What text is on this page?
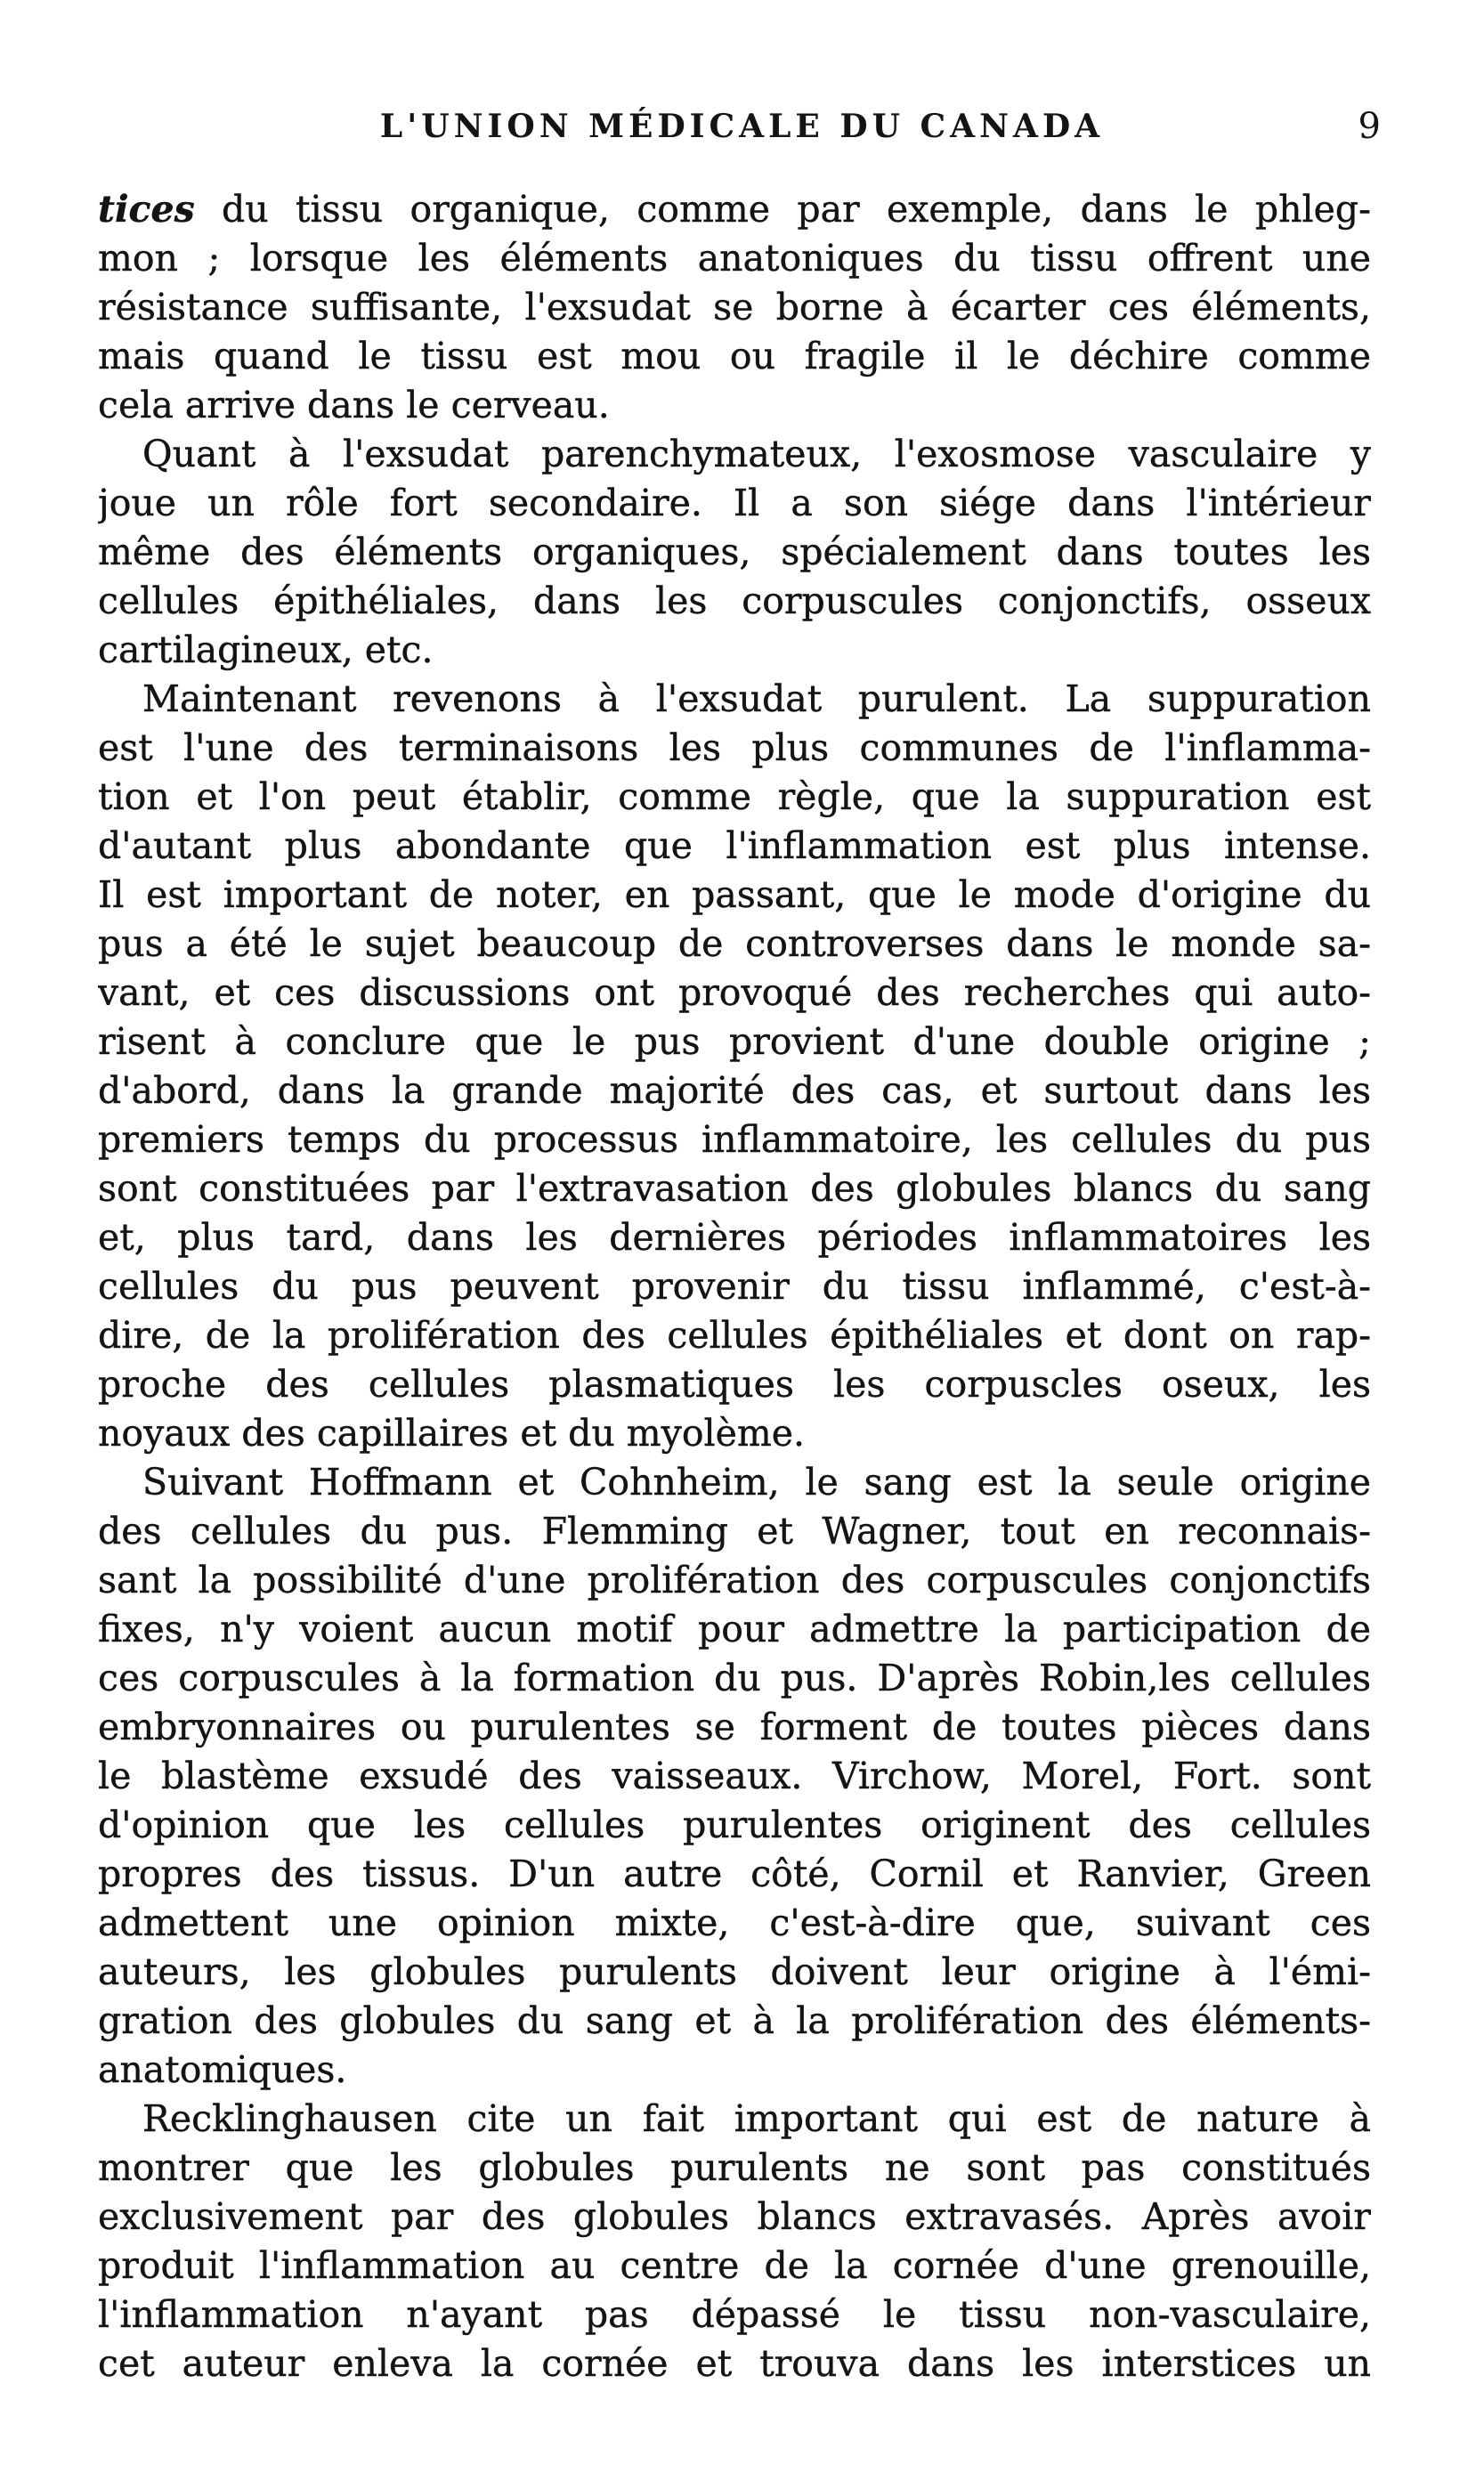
L'UNION MÉDICALE DU CANADA	9
tices du tissu organique, comme par exemple, dans le phleg-
mon ; lorsque les éléments anatoniques du tissu offrent une
résistance suffisante, l'exsudat se borne à écarter ces éléments,
mais quand le tissu est mou ou fragile il le déchire comme
cela arrive dans le cerveau.
Quant à l'exsudat parenchymateux, l'exosmose vasculaire y
joue un rôle fort secondaire. Il a son siége dans l'intérieur
même des éléments organiques, spécialement dans toutes les
cellules épithéliales, dans les corpuscules conjonctifs, osseux
cartilagineux, etc.
Maintenant revenons à l'exsudat purulent. La suppuration
est l'une des terminaisons les plus communes de l'inflamma-
tion et l'on peut établir, comme règle, que la suppuration est
d'autant plus abondante que l'inflammation est plus intense.
Il est important de noter, en passant, que le mode d'origine du
pus a été le sujet beaucoup de controverses dans le monde sa-
vant, et ces discussions ont provoqué des recherches qui auto-
risent à conclure que le pus provient d'une double origine ;
d'abord, dans la grande majorité des cas, et surtout dans les
premiers temps du processus inflammatoire, les cellules du pus
sont constituées par l'extravasation des globules blancs du sang
et, plus tard, dans les dernières périodes inflammatoires les
cellules du pus peuvent provenir du tissu inflammé, c'est-à-
dire, de la prolifération des cellules épithéliales et dont on rap-
proche des cellules plasmatiques les corpuscles oseux, les
noyaux des capillaires et du myolème.
Suivant Hoffmann et Cohnheim, le sang est la seule origine
des cellules du pus. Flemming et Wagner, tout en reconnais-
sant la possibilité d'une prolifération des corpuscules conjonctifs
fixes, n'y voient aucun motif pour admettre la participation de
ces corpuscules à la formation du pus. D'après Robin,les cellules
embryonnaires ou purulentes se forment de toutes pièces dans
le blastème exsudé des vaisseaux. Virchow, Morel, Fort. sont
d'opinion que les cellules purulentes originent des cellules
propres des tissus. D'un autre côté, Cornil et Ranvier, Green
admettent une opinion mixte, c'est-à-dire que, suivant ces
auteurs, les globules purulents doivent leur origine à l'émi-
gration des globules du sang et à la prolifération des éléments-
anatomiques.
Recklinghausen cite un fait important qui est de nature à
montrer que les globules purulents ne sont pas constitués
exclusivement par des globules blancs extravasés. Après avoir
produit l'inflammation au centre de la cornée d'une grenouille,
l'inflammation n'ayant pas dépassé le tissu non-vasculaire,
cet auteur enleva la cornée et trouva dans les interstices un
